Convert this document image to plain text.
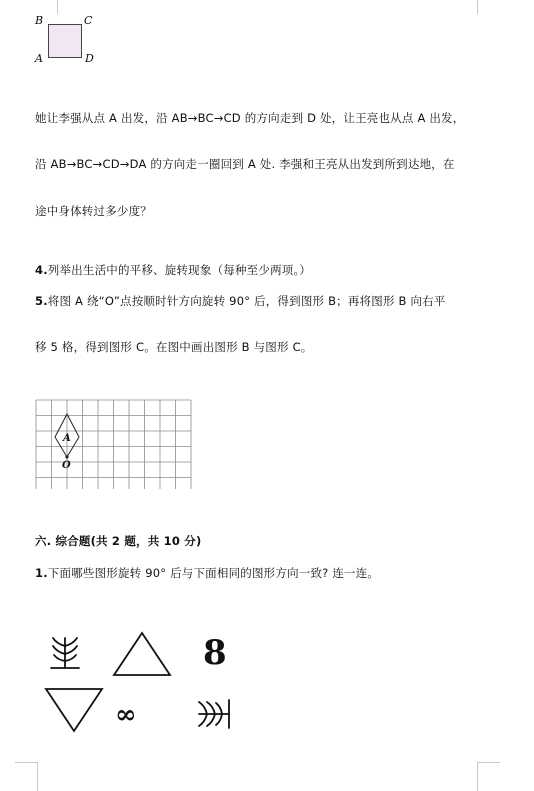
B	C
A	D
她让李强从点 A 出发，沿 AB→BC→CD 的方向走到 D 处，让王亮也从点 A 出发，
沿 AB→BC→CD→DA 的方向走一圈回到 A 处. 李强和王亮从出发到所到达地，在
途中身体转过多少度？
4.列举出生活中的平移、旋转现象（每种至少两项。）
5.将图 A 绕“O”点按顺时针方向旋转 90° 后，得到图形 B；再将图形 B 向右平
移 5 格，得到图形 C。在图中画出图形 B 与图形 C。
A
O
六. 综合题(共 2 题，共 10 分)
1.下面哪些图形旋转 90° 后与下面相同的图形方向一致? 连一连。
8
∞
